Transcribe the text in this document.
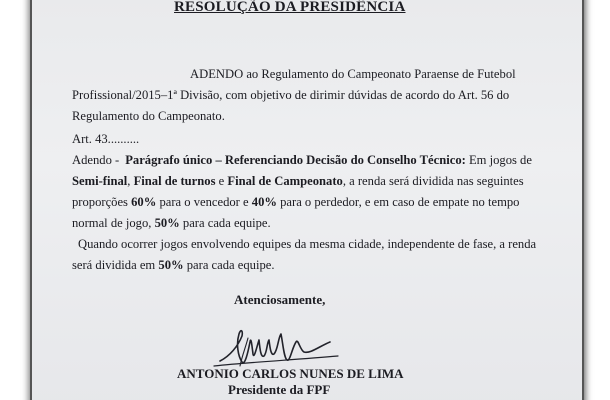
RESOLUÇÃO DA PRESIDÊNCIA

ADENDO ao Regulamento do Campeonato Paraense de Futebol
Profissional/2015–1ª Divisão, com objetivo de dirimir dúvidas de acordo do Art. 56 do
Regulamento do Campeonato.

Art. 43..........

Adendo - Parágrafo único – Referenciando Decisão do Conselho Técnico: Em jogos de
Semi-final, Final de turnos e Final de Campeonato, a renda será dividida nas seguintes
proporções 60% para o vencedor e 40% para o perdedor, e em caso de empate no tempo
normal de jogo, 50% para cada equipe.

Quando ocorrer jogos envolvendo equipes da mesma cidade, independente de fase, a renda
será dividida em 50% para cada equipe.

Atenciosamente,
ANTONIO CARLOS NUNES DE LIMA
Presidente da FPF
